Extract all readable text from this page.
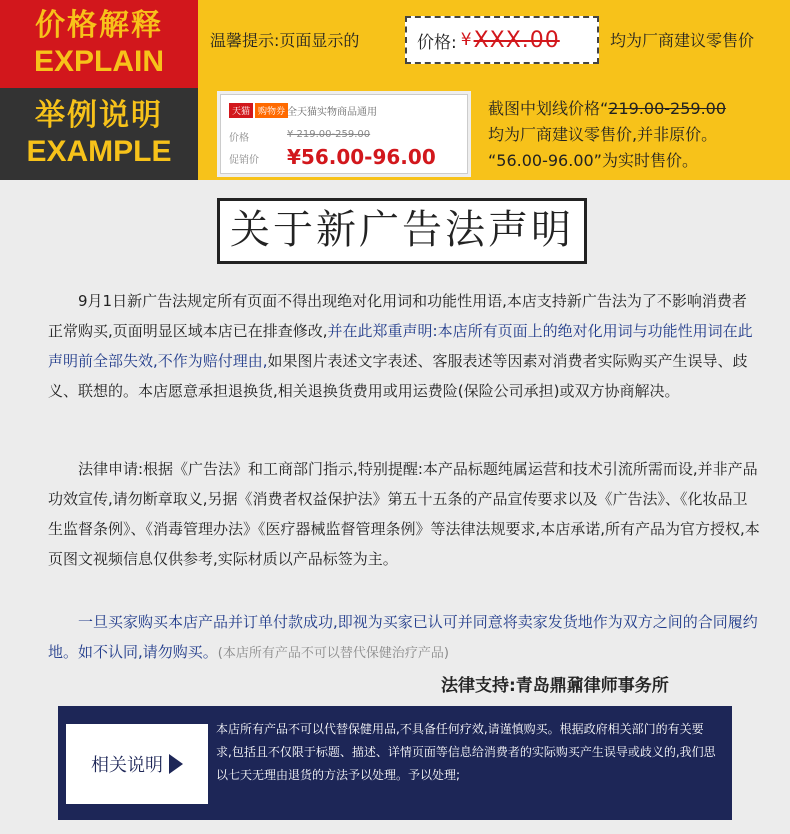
价格解释
EXPLAIN
温馨提示:页面显示的	价格: ¥ XXX.00	均为厂商建议零售价
举例说明
EXAMPLE
天猫 购物券 全天猫实物商品通用
价格	¥ 219.00-259.00
促销价 ¥56.00-96.00
截图中划线价格“219.00-259.00
均为厂商建议零售价,并非原价。
“56.00-96.00”为实时售价。
关于新广告法声明
9月1日新广告法规定所有页面不得出现绝对化用词和功能性用语,本店支持新广告法为了不影响消费者正常购买,页面明显区域本店已在排查修改,并在此郑重声明:本店所有页面上的绝对化用词与功能性用词在此声明前全部失效,不作为赔付理由,如果图片表述文字表述、客服表述等因素对消费者实际购买产生误导、歧义、联想的。本店愿意承担退换货,相关退换货费用或用运费险(保险公司承担)或双方协商解决。
法律申请:根据《广告法》和工商部门指示,特别提醒:本产品标题纯属运营和技术引流所需而设,并非产品功效宣传,请勿断章取义,另据《消费者权益保护法》第五十五条的产品宣传要求以及《广告法》、《化妆品卫生监督条例》、《消毒管理办法》《医疗器械监督管理条例》等法律法规要求,本店承诺,所有产品为官方授权,本页图文视频信息仅供参考,实际材质以产品标签为主。
一旦买家购买本店产品并订单付款成功,即视为买家已认可并同意将卖家发货地作为双方之间的合同履约地。如不认同,请勿购买。(本店所有产品不可以替代保健治疗产品)
法律支持:青岛鼎鼐律师事务所
相关说明
本店所有产品不可以代替保健用品,不具备任何疗效,请谨慎购买。根据政府相关部门的有关要求,包括且不仅限于标题、描述、详情页面等信息给消费者的实际购买产生误导或歧义的,我们思以七天无理由退货的方法予以处理。予以处理;
